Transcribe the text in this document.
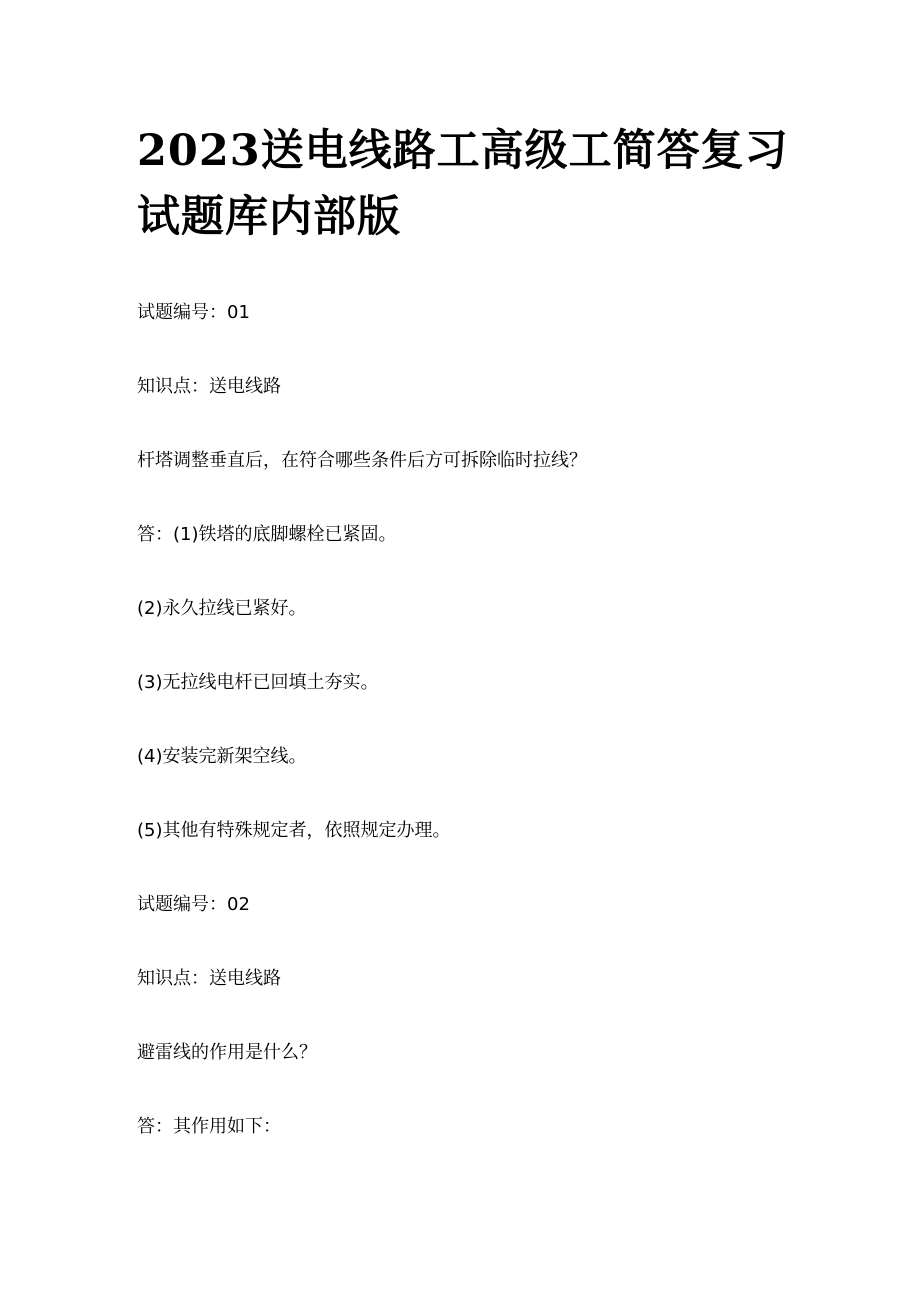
2023送电线路工高级工简答复习试题库内部版

试题编号：01

知识点：送电线路

杆塔调整垂直后，在符合哪些条件后方可拆除临时拉线？

答：(1)铁塔的底脚螺栓已紧固。

(2)永久拉线已紧好。

(3)无拉线电杆已回填土夯实。

(4)安装完新架空线。

(5)其他有特殊规定者，依照规定办理。

试题编号：02

知识点：送电线路

避雷线的作用是什么？

答：其作用如下：
